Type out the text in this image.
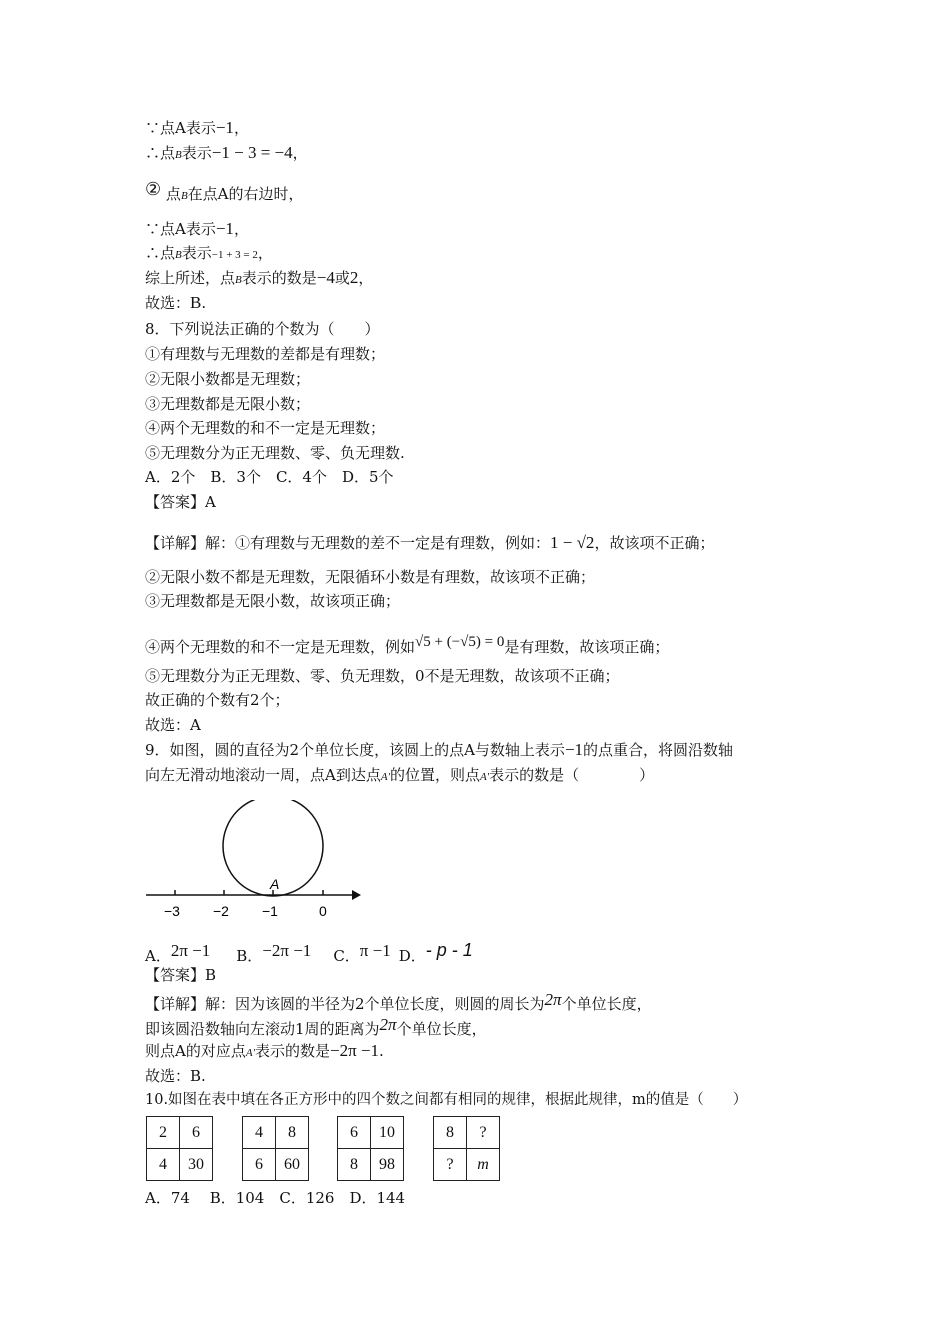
∵点A表示−1，
∴点B表示−1 − 3 = −4，
② 点B在点A的右边时，
∵点A表示−1，
∴点B表示−1 + 3 = 2，
综上所述，点B表示的数是−4或2，
故选：B.
8．下列说法正确的个数为（　　）
①有理数与无理数的差都是有理数；
②无限小数都是无理数；
③无理数都是无限小数；
④两个无理数的和不一定是无理数；
⑤无理数分为正无理数、零、负无理数.
A．2个　B．3个　C．4个　D．5个
【答案】A
【详解】解：①有理数与无理数的差不一定是有理数，例如：1 − √2，故该项不正确；
②无限小数不都是无理数，无限循环小数是有理数，故该项不正确；
③无理数都是无限小数，故该项正确；
④两个无理数的和不一定是无理数，例如√5 + (−√5) = 0是有理数，故该项正确；
⑤无理数分为正无理数、零、负无理数，0不是无理数，故该项不正确；
故正确的个数有2个；
故选：A
9．如图，圆的直径为2个单位长度，该圆上的点A与数轴上表示−1的点重合，将圆沿数轴
向左无滑动地滚动一周，点A到达点A′的位置，则点A′表示的数是（　　　　）
A
−3 −2 −1	0
A．2π −1 B．−2π −1 C．π −1 D．- p - 1
【答案】B
【详解】解：因为该圆的半径为2个单位长度，则圆的周长为2π个单位长度，
即该圆沿数轴向左滚动1周的距离为2π个单位长度，
则点A的对应点A′表示的数是−2π −1.
故选：B.
10.如图在表中填在各正方形中的四个数之间都有相同的规律，根据此规律，m的值是（　　）
2	6
4	30
4	8
6	60
6	10
8	98
8	?
?	m
A．74　 B．104　C．126　D．144
